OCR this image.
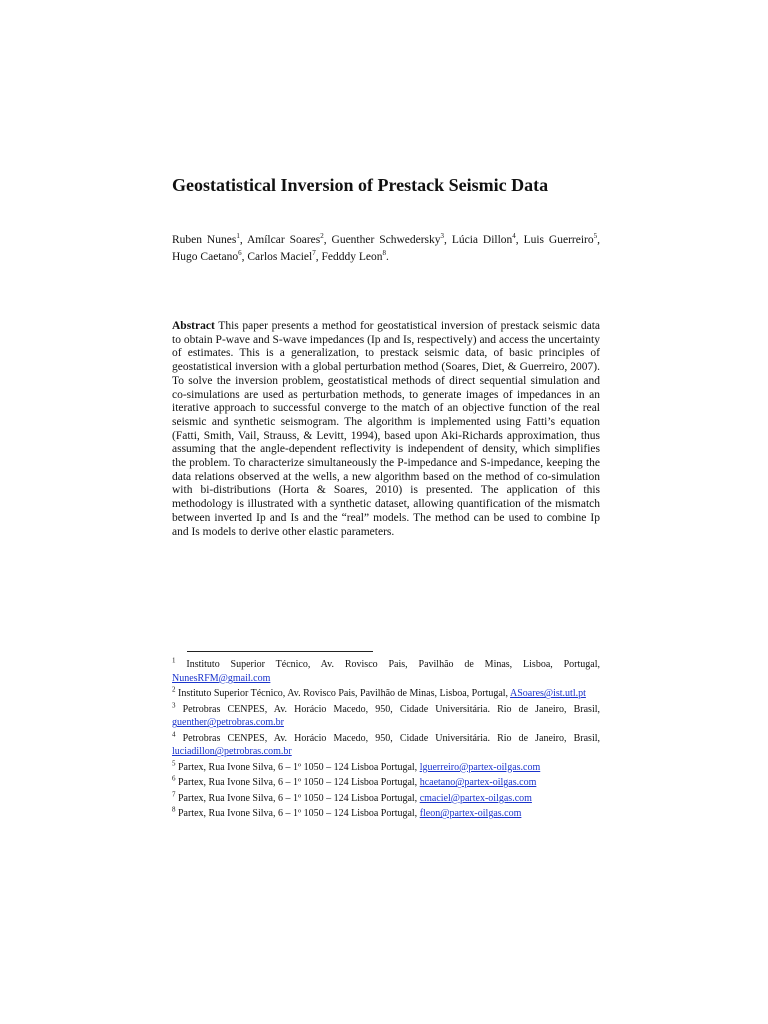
Geostatistical Inversion of Prestack Seismic Data

Ruben Nunes$^1$, Amílcar Soares$^2$, Guenther Schwedersky$^3$, Lúcia Dillon$^4$, Luis Guerreiro$^5$, Hugo Caetano$^6$, Carlos Maciel$^7$, Fedddy Leon$^8$.

Abstract This paper presents a method for geostatistical inversion of prestack seismic data to obtain P-wave and S-wave impedances (Ip and Is, respectively) and access the uncertainty of estimates. This is a generalization, to prestack seismic data, of basic principles of geostatistical inversion with a global perturbation method (Soares, Diet, & Guerreiro, 2007). To solve the inversion problem, geostatistical methods of direct sequential simulation and co-simulations are used as perturbation methods, to generate images of impedances in an iterative approach to successful converge to the match of an objective function of the real seismic and synthetic seismogram. The algorithm is implemented using Fatti’s equation (Fatti, Smith, Vail, Strauss, & Levitt, 1994), based upon Aki-Richards approximation, thus assuming that the angle-dependent reflectivity is independent of density, which simplifies the problem. To characterize simultaneously the P-impedance and S-impedance, keeping the data relations observed at the wells, a new algorithm based on the method of co-simulation with bi-distributions (Horta & Soares, 2010) is presented. The application of this methodology is illustrated with a synthetic dataset, allowing quantification of the mismatch between inverted Ip and Is and the “real” models. The method can be used to combine Ip and Is models to derive other elastic parameters.

$^1$ Instituto Superior Técnico, Av. Rovisco Pais, Pavilhão de Minas, Lisboa, Portugal, NunesRFM@gmail.com

$^2$ Instituto Superior Técnico, Av. Rovisco Pais, Pavilhão de Minas, Lisboa, Portugal, ASoares@ist.utl.pt

$^3$ Petrobras CENPES, Av. Horácio Macedo, 950, Cidade Universitária. Rio de Janeiro, Brasil, guenther@petrobras.com.br

$^4$ Petrobras CENPES, Av. Horácio Macedo, 950, Cidade Universitária. Rio de Janeiro, Brasil, luciadillon@petrobras.com.br

$^5$ Partex, Rua Ivone Silva, 6 – 1º 1050 – 124 Lisboa Portugal, lguerreiro@partex-oilgas.com

$^6$ Partex, Rua Ivone Silva, 6 – 1º 1050 – 124 Lisboa Portugal, hcaetano@partex-oilgas.com

$^7$ Partex, Rua Ivone Silva, 6 – 1º 1050 – 124 Lisboa Portugal, cmaciel@partex-oilgas.com

$^8$ Partex, Rua Ivone Silva, 6 – 1º 1050 – 124 Lisboa Portugal, fleon@partex-oilgas.com
